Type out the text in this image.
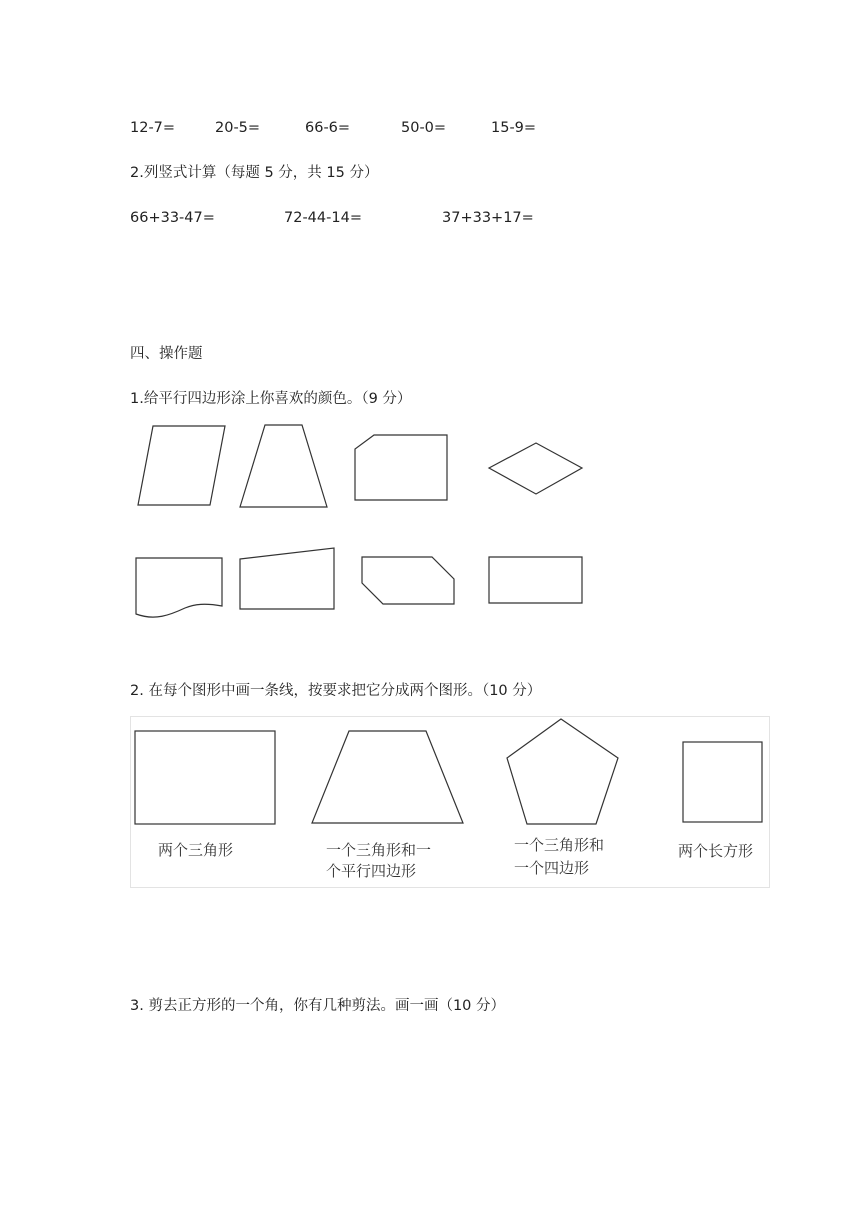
12-7=	20-5=	66-6=	50-0=	15-9=
2.列竖式计算（每题 5 分，共 15 分）
66+33-47=	72-44-14=	37+33+17=
四、操作题
1.给平行四边形涂上你喜欢的颜色。（9 分）
2. 在每个图形中画一条线，按要求把它分成两个图形。（10 分）
两个三角形	一个三角形和一
个平行四边形
一个三角形和
一个四边形
两个长方形
3. 剪去正方形的一个角，你有几种剪法。画一画（10 分）
